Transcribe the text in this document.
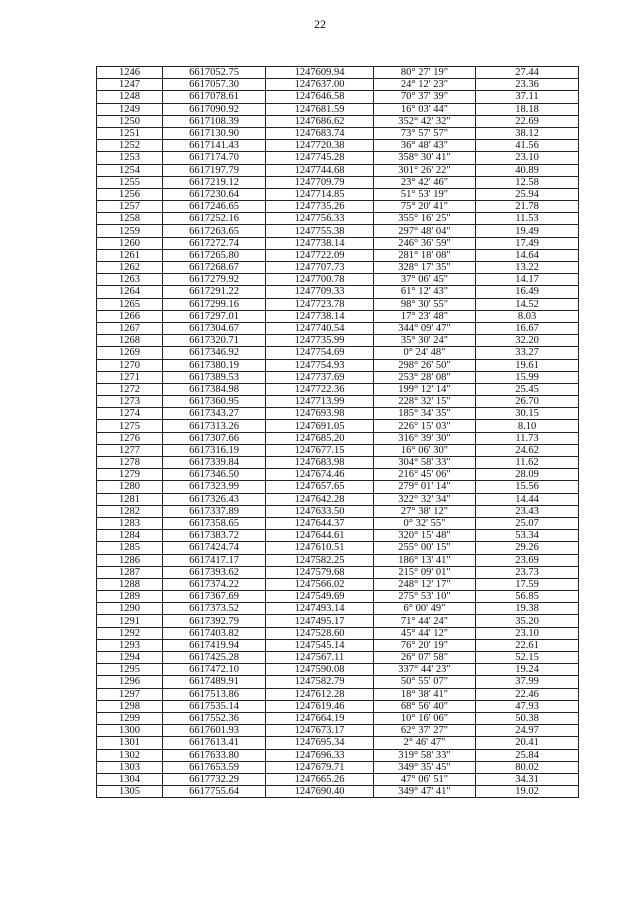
22
1246	6617052.75	1247609.94	80° 27' 19"	27.44
1247	6617057.30	1247637.00	24° 12' 23"	23.36
1248	6617078.61	1247646.58	70° 37' 39"	37.11
1249	6617090.92	1247681.59	16° 03' 44"	18.18
1250	6617108.39	1247686.62	352° 42' 32"	22.69
1251	6617130.90	1247683.74	73° 57' 57"	38.12
1252	6617141.43	1247720.38	36° 48' 43"	41.56
1253	6617174.70	1247745.28	358° 30' 41"	23.10
1254	6617197.79	1247744.68	301° 26' 22"	40.89
1255	6617219.12	1247709.79	23° 42' 46"	12.58
1256	6617230.64	1247714.85	51° 53' 19"	25.94
1257	6617246.65	1247735.26	75° 20' 41"	21.78
1258	6617252.16	1247756.33	355° 16' 25"	11.53
1259	6617263.65	1247755.38	297° 48' 04"	19.49
1260	6617272.74	1247738.14	246° 36' 59"	17.49
1261	6617265.80	1247722.09	281° 18' 08"	14.64
1262	6617268.67	1247707.73	328° 17' 35"	13.22
1263	6617279.92	1247700.78	37° 06' 45"	14.17
1264	6617291.22	1247709.33	61° 12' 43"	16.49
1265	6617299.16	1247723.78	98° 30' 55"	14.52
1266	6617297.01	1247738.14	17° 23' 48"	8.03
1267	6617304.67	1247740.54	344° 09' 47"	16.67
1268	6617320.71	1247735.99	35° 30' 24"	32.20
1269	6617346.92	1247754.69	0° 24' 48"	33.27
1270	6617380.19	1247754.93	298° 26' 50"	19.61
1271	6617389.53	1247737.69	253° 28' 08"	15.99
1272	6617384.98	1247722.36	199° 12' 14"	25.45
1273	6617360.95	1247713.99	228° 32' 15"	26.70
1274	6617343.27	1247693.98	185° 34' 35"	30.15
1275	6617313.26	1247691.05	226° 15' 03"	8.10
1276	6617307.66	1247685.20	316° 39' 30"	11.73
1277	6617316.19	1247677.15	16° 06' 30"	24.62
1278	6617339.84	1247683.98	304° 58' 33"	11.62
1279	6617346.50	1247674.46	216° 45' 06"	28.09
1280	6617323.99	1247657.65	279° 01' 14"	15.56
1281	6617326.43	1247642.28	322° 32' 34"	14.44
1282	6617337.89	1247633.50	27° 38' 12"	23.43
1283	6617358.65	1247644.37	0° 32' 55"	25.07
1284	6617383.72	1247644.61	320° 15' 48"	53.34
1285	6617424.74	1247610.51	255° 00' 15"	29.26
1286	6617417.17	1247582.25	186° 13' 41"	23.69
1287	6617393.62	1247579.68	215° 09' 01"	23.73
1288	6617374.22	1247566.02	248° 12' 17"	17.59
1289	6617367.69	1247549.69	275° 53' 10"	56.85
1290	6617373.52	1247493.14	6° 00' 49"	19.38
1291	6617392.79	1247495.17	71° 44' 24"	35.20
1292	6617403.82	1247528.60	45° 44' 12"	23.10
1293	6617419.94	1247545.14	76° 20' 19"	22.61
1294	6617425.28	1247567.11	26° 07' 58"	52.15
1295	6617472.10	1247590.08	337° 44' 23"	19.24
1296	6617489.91	1247582.79	50° 55' 07"	37.99
1297	6617513.86	1247612.28	18° 38' 41"	22.46
1298	6617535.14	1247619.46	68° 56' 40"	47.93
1299	6617552.36	1247664.19	10° 16' 06"	50.38
1300	6617601.93	1247673.17	62° 37' 27"	24.97
1301	6617613.41	1247695.34	2° 46' 47"	20.41
1302	6617633.80	1247696.33	319° 58' 33"	25.84
1303	6617653.59	1247679.71	349° 35' 45"	80.02
1304	6617732.29	1247665.26	47° 06' 51"	34.31
1305	6617755.64	1247690.40	349° 47' 41"	19.02
